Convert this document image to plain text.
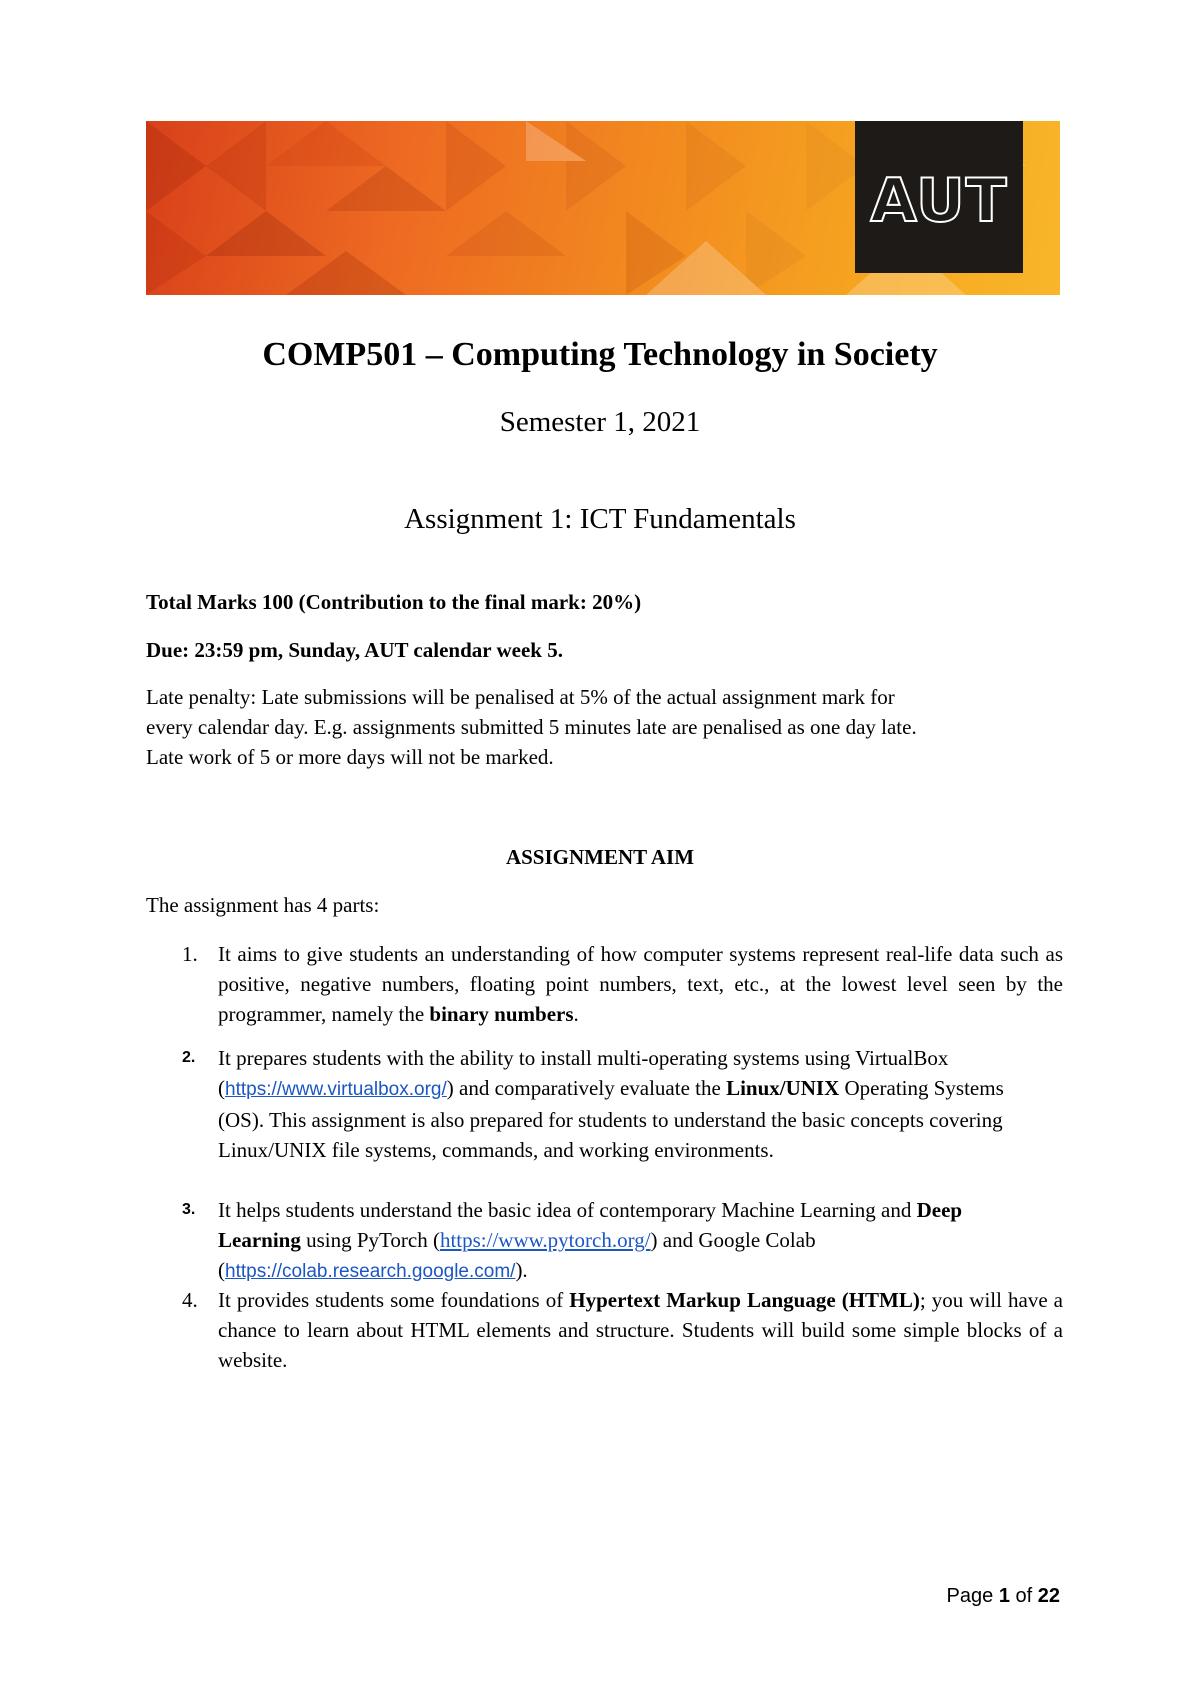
AUT
COMP501 – Computing Technology in Society
Semester 1, 2021
Assignment 1: ICT Fundamentals
Total Marks 100 (Contribution to the final mark: 20%)
Due: 23:59 pm, Sunday, AUT calendar week 5.
Late penalty: Late submissions will be penalised at 5% of the actual assignment mark for
every calendar day. E.g. assignments submitted 5 minutes late are penalised as one day late.
Late work of 5 or more days will not be marked.
ASSIGNMENT AIM
The assignment has 4 parts:
1. It aims to give students an understanding of how computer systems represent real-life data such as positive, negative numbers, floating point numbers, text, etc., at the lowest level seen by the programmer, namely the binary numbers.
2. It prepares students with the ability to install multi-operating systems using VirtualBox (https://www.virtualbox.org/) and comparatively evaluate the Linux/UNIX Operating Systems (OS). This assignment is also prepared for students to understand the basic concepts covering Linux/UNIX file systems, commands, and working environments.
3. It helps students understand the basic idea of contemporary Machine Learning and Deep Learning using PyTorch (https://www.pytorch.org/) and Google Colab (https://colab.research.google.com/).
4. It provides students some foundations of Hypertext Markup Language (HTML); you will have a chance to learn about HTML elements and structure. Students will build some simple blocks of a website.
Page 1 of 22
